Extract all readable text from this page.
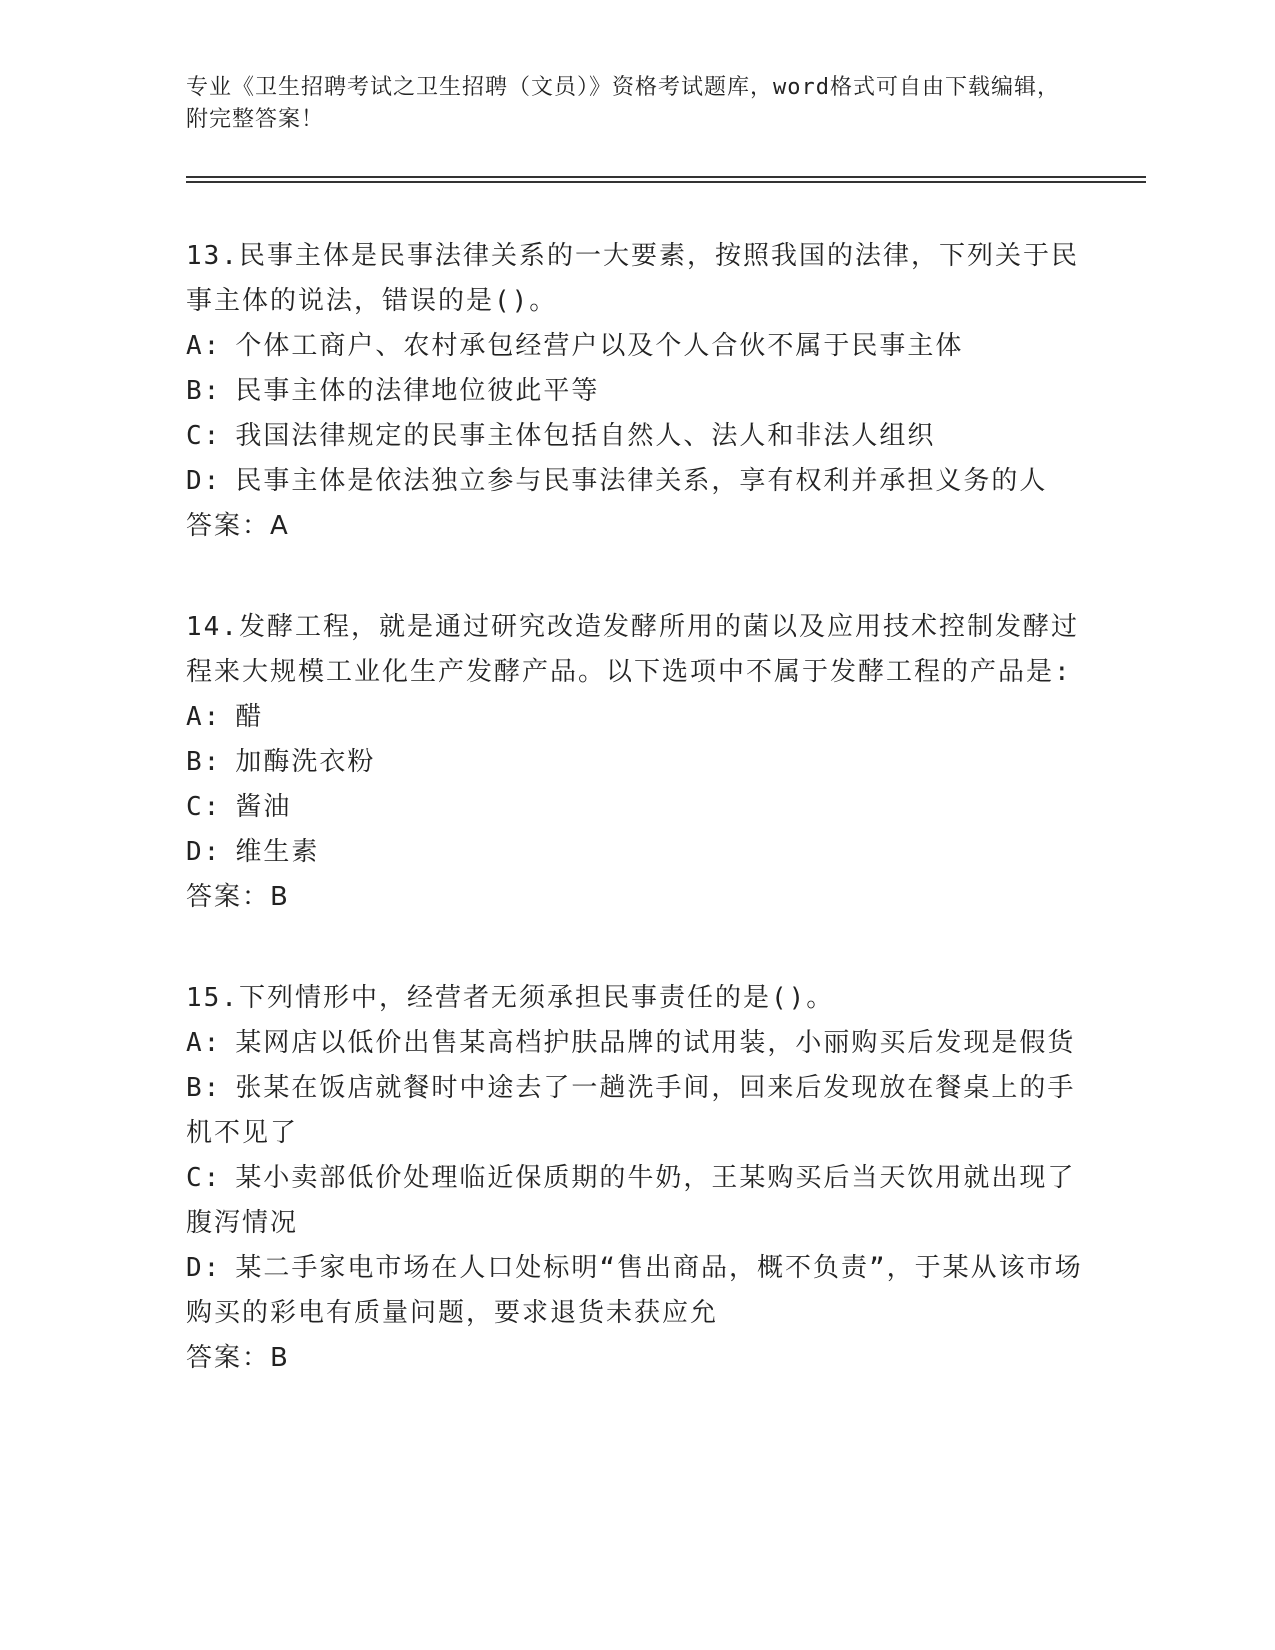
专业《卫生招聘考试之卫生招聘（文员）》资格考试题库，word格式可自由下载编辑，附完整答案！

13.民事主体是民事法律关系的一大要素，按照我国的法律，下列关于民事主体的说法，错误的是()。

A: 个体工商户、农村承包经营户以及个人合伙不属于民事主体

B: 民事主体的法律地位彼此平等

C: 我国法律规定的民事主体包括自然人、法人和非法人组织

D: 民事主体是依法独立参与民事法律关系，享有权利并承担义务的人

答案：A

14.发酵工程，就是通过研究改造发酵所用的菌以及应用技术控制发酵过程来大规模工业化生产发酵产品。以下选项中不属于发酵工程的产品是:

A: 醋

B: 加酶洗衣粉

C: 酱油

D: 维生素

答案：B

15.下列情形中，经营者无须承担民事责任的是()。

A: 某网店以低价出售某高档护肤品牌的试用装，小丽购买后发现是假货

B: 张某在饭店就餐时中途去了一趟洗手间，回来后发现放在餐桌上的手机不见了

C: 某小卖部低价处理临近保质期的牛奶，王某购买后当天饮用就出现了腹泻情况

D: 某二手家电市场在人口处标明“售出商品，概不负责”，于某从该市场购买的彩电有质量问题，要求退货未获应允

答案：B
